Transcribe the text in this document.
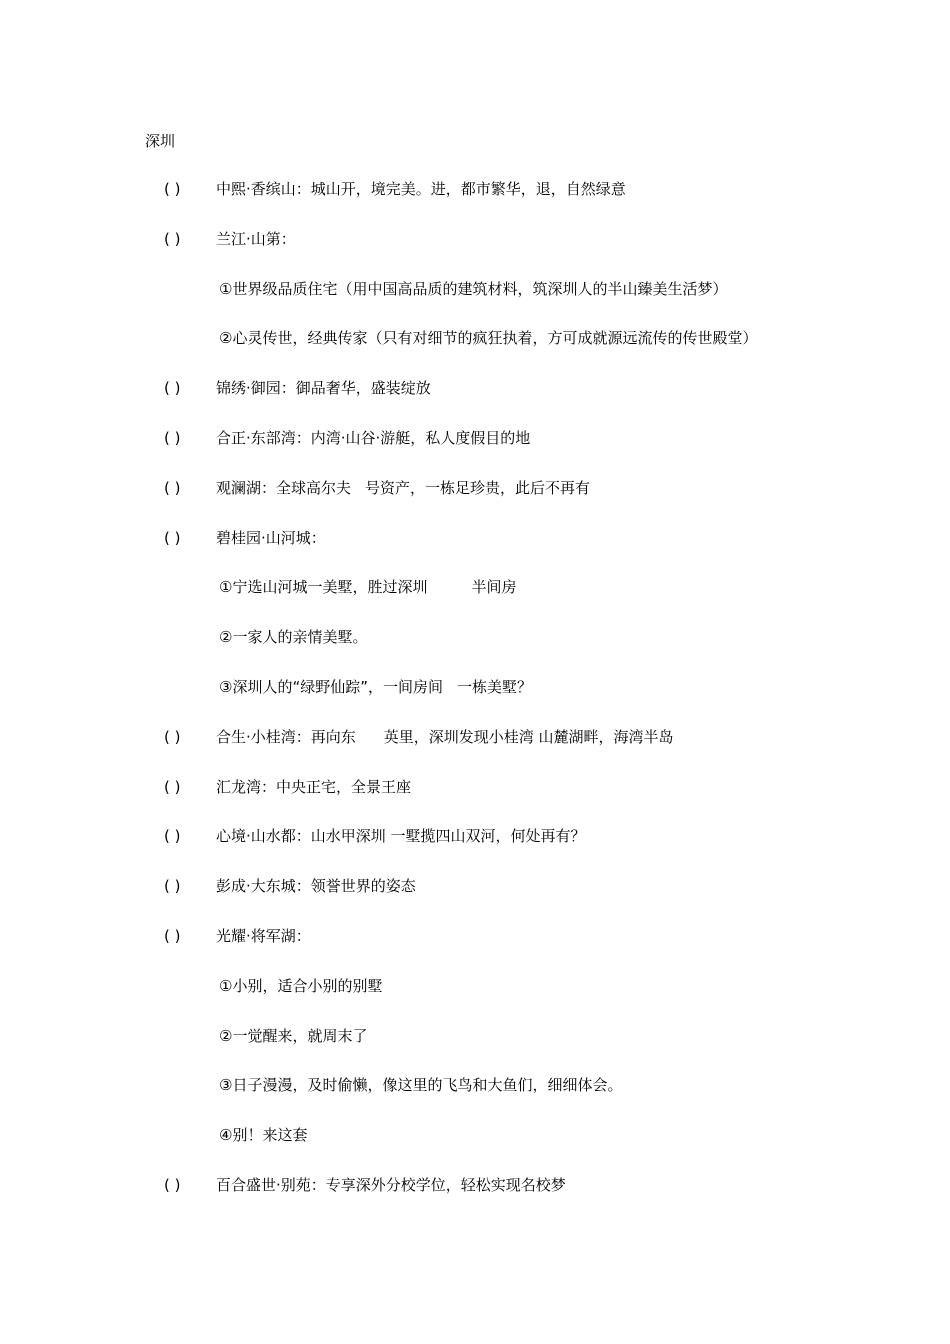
深圳
( )	中熙·香缤山：城山开，境完美。进，都市繁华，退，自然绿意
( )	兰江·山第：
①世界级品质住宅（用中国高品质的建筑材料，筑深圳人的半山臻美生活梦）
②心灵传世，经典传家（只有对细节的疯狂执着，方可成就源远流传的传世殿堂）
( )	锦绣·御园：御品奢华，盛装绽放
( )	合正·东部湾：内湾·山谷·游艇，私人度假目的地
( )	观澜湖：全球高尔夫 号资产，一栋足珍贵，此后不再有
( )	碧桂园·山河城：
①宁选山河城一美墅，胜过深圳	半间房
②一家人的亲情美墅。
③深圳人的“绿野仙踪”，一间房间 一栋美墅？
( )	合生·小桂湾：再向东 英里，深圳发现小桂湾 山麓湖畔，海湾半岛
( )	汇龙湾：中央正宅，全景王座
( )	心境·山水都：山水甲深圳 一墅揽四山双河，何处再有？
( )	彭成·大东城：领誉世界的姿态
( )	光耀·将军湖：
①小别，适合小别的别墅
②一觉醒来，就周末了
③日子漫漫，及时偷懒，像这里的飞鸟和大鱼们，细细体会。
④别！来这套
( )	百合盛世·别苑：专享深外分校学位，轻松实现名校梦
